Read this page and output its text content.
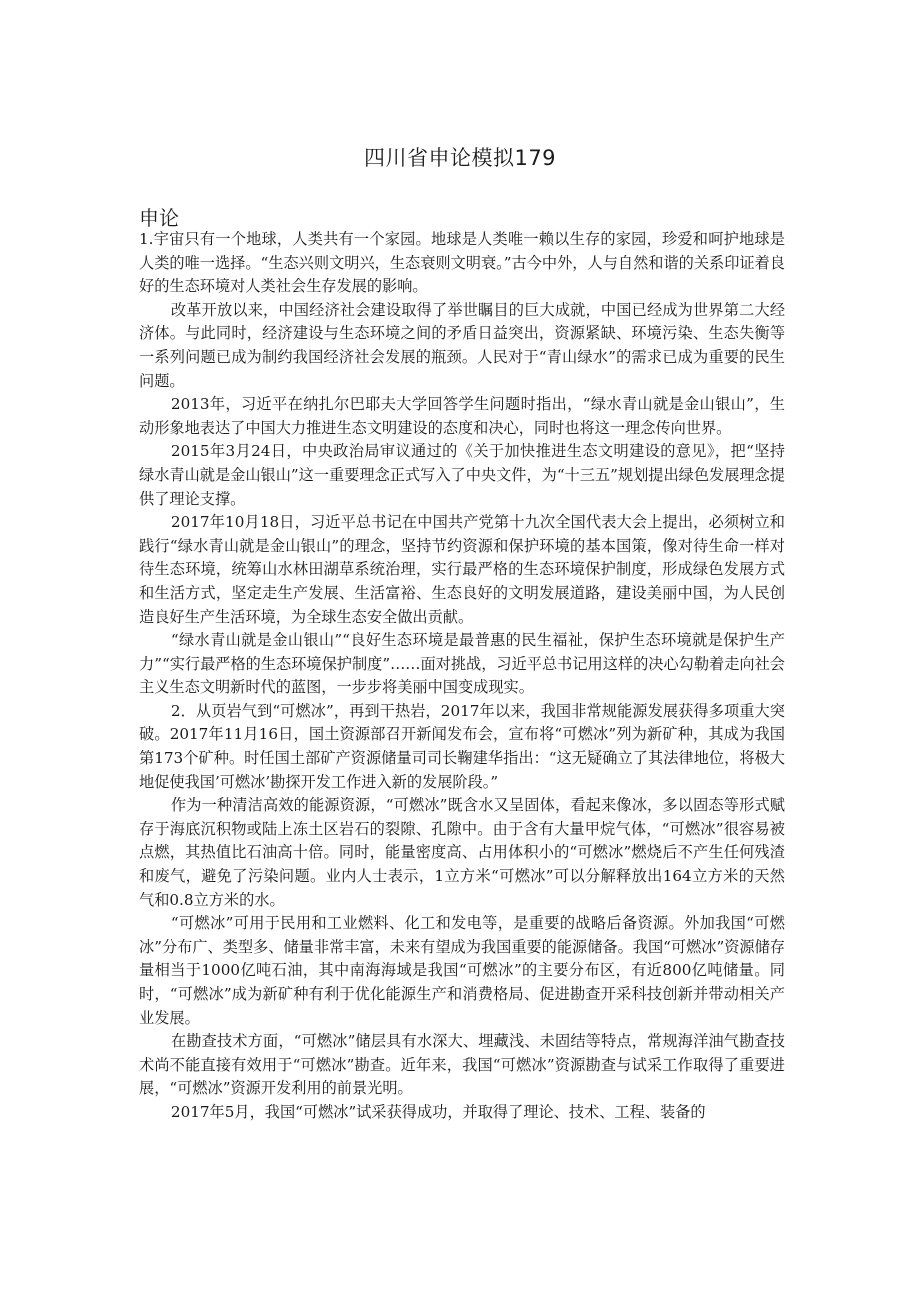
四川省申论模拟179
申论

1.宇宙只有一个地球，人类共有一个家园。地球是人类唯一赖以生存的家园，珍爱和呵护地球是人类的唯一选择。“生态兴则文明兴，生态衰则文明衰。”古今中外，人与自然和谐的关系印证着良好的生态环境对人类社会生存发展的影响。

改革开放以来，中国经济社会建设取得了举世瞩目的巨大成就，中国已经成为世界第二大经济体。与此同时，经济建设与生态环境之间的矛盾日益突出，资源紧缺、环境污染、生态失衡等一系列问题已成为制约我国经济社会发展的瓶颈。人民对于“青山绿水”的需求已成为重要的民生问题。

2013年，习近平在纳扎尔巴耶夫大学回答学生问题时指出，“绿水青山就是金山银山”，生动形象地表达了中国大力推进生态文明建设的态度和决心，同时也将这一理念传向世界。

2015年3月24日，中央政治局审议通过的《关于加快推进生态文明建设的意见》，把“坚持绿水青山就是金山银山”这一重要理念正式写入了中央文件，为“十三五”规划提出绿色发展理念提供了理论支撑。

2017年10月18日，习近平总书记在中国共产党第十九次全国代表大会上提出，必须树立和践行“绿水青山就是金山银山”的理念，坚持节约资源和保护环境的基本国策，像对待生命一样对待生态环境，统筹山水林田湖草系统治理，实行最严格的生态环境保护制度，形成绿色发展方式和生活方式，坚定走生产发展、生活富裕、生态良好的文明发展道路，建设美丽中国，为人民创造良好生产生活环境，为全球生态安全做出贡献。

“绿水青山就是金山银山”“良好生态环境是最普惠的民生福祉，保护生态环境就是保护生产力”“实行最严格的生态环境保护制度”……面对挑战，习近平总书记用这样的决心勾勒着走向社会主义生态文明新时代的蓝图，一步步将美丽中国变成现实。

2．从页岩气到“可燃冰”，再到干热岩，2017年以来，我国非常规能源发展获得多项重大突破。2017年11月16日，国土资源部召开新闻发布会，宣布将“可燃冰”列为新矿种，其成为我国第173个矿种。时任国土部矿产资源储量司司长鞠建华指出：“这无疑确立了其法律地位，将极大地促使我国’可燃冰’勘探开发工作进入新的发展阶段。”

作为一种清洁高效的能源资源，“可燃冰”既含水又呈固体，看起来像冰，多以固态等形式赋存于海底沉积物或陆上冻土区岩石的裂隙、孔隙中。由于含有大量甲烷气体，“可燃冰”很容易被点燃，其热值比石油高十倍。同时，能量密度高、占用体积小的“可燃冰”燃烧后不产生任何残渣和废气，避免了污染问题。业内人士表示，1立方米“可燃冰”可以分解释放出164立方米的天然气和0.8立方米的水。

“可燃冰”可用于民用和工业燃料、化工和发电等，是重要的战略后备资源。外加我国“可燃冰”分布广、类型多、储量非常丰富，未来有望成为我国重要的能源储备。我国“可燃冰”资源储存量相当于1000亿吨石油，其中南海海域是我国“可燃冰”的主要分布区，有近800亿吨储量。同时，“可燃冰”成为新矿种有利于优化能源生产和消费格局、促进勘查开采科技创新并带动相关产业发展。

在勘查技术方面，“可燃冰”储层具有水深大、埋藏浅、未固结等特点，常规海洋油气勘查技术尚不能直接有效用于“可燃冰”勘查。近年来，我国“可燃冰”资源勘查与试采工作取得了重要进展，“可燃冰”资源开发利用的前景光明。

2017年5月，我国“可燃冰”试采获得成功，并取得了理论、技术、工程、装备的
